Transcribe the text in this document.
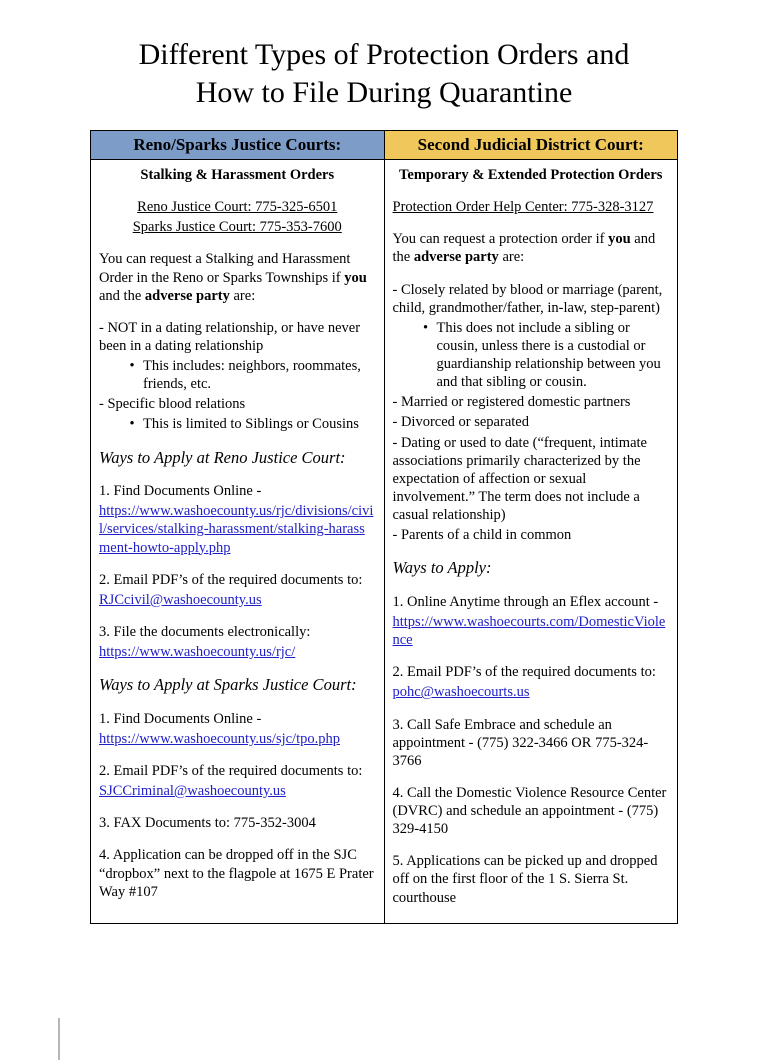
Different Types of Protection Orders and
How to File During Quarantine
Reno/Sparks Justice Courts:	Second Judicial District Court:

Stalking & Harassment Orders
Reno Justice Court: 775-325-6501
Sparks Justice Court: 775-353-7600
You can request a Stalking and Harassment Order in the Reno or Sparks Townships if you and the adverse party are:
- NOT in a dating relationship, or have never been in a dating relationship
• This includes: neighbors, roommates, friends, etc.
- Specific blood relations
• This is limited to Siblings or Cousins
Ways to Apply at Reno Justice Court:
1. Find Documents Online -
https://www.washoecounty.us/rjc/divisions/civil/services/stalking-harassment/stalking-harassment-howto-apply.php
2. Email PDF’s of the required documents to:
RJCcivil@washoecounty.us
3. File the documents electronically:
https://www.washoecounty.us/rjc/
Ways to Apply at Sparks Justice Court:
1. Find Documents Online -
https://www.washoecounty.us/sjc/tpo.php
2. Email PDF’s of the required documents to:
SJCCriminal@washoecounty.us
3. FAX Documents to: 775-352-3004
4. Application can be dropped off in the SJC “dropbox” next to the flagpole at 1675 E Prater Way #107

Temporary & Extended Protection Orders
Protection Order Help Center: 775-328-3127
You can request a protection order if you and the adverse party are:
- Closely related by blood or marriage (parent, child, grandmother/father, in-law, step-parent)
• This does not include a sibling or cousin, unless there is a custodial or guardianship relationship between you and that sibling or cousin.
- Married or registered domestic partners
- Divorced or separated
- Dating or used to date (“frequent, intimate associations primarily characterized by the expectation of affection or sexual involvement.” The term does not include a casual relationship)
- Parents of a child in common
Ways to Apply:
1. Online Anytime through an Eflex account -
https://www.washoecourts.com/DomesticViolence
2. Email PDF’s of the required documents to:
pohc@washoecourts.us
3. Call Safe Embrace and schedule an appointment - (775) 322-3466 OR 775-324-3766
4. Call the Domestic Violence Resource Center (DVRC) and schedule an appointment - (775) 329-4150
5. Applications can be picked up and dropped off on the first floor of the 1 S. Sierra St. courthouse
